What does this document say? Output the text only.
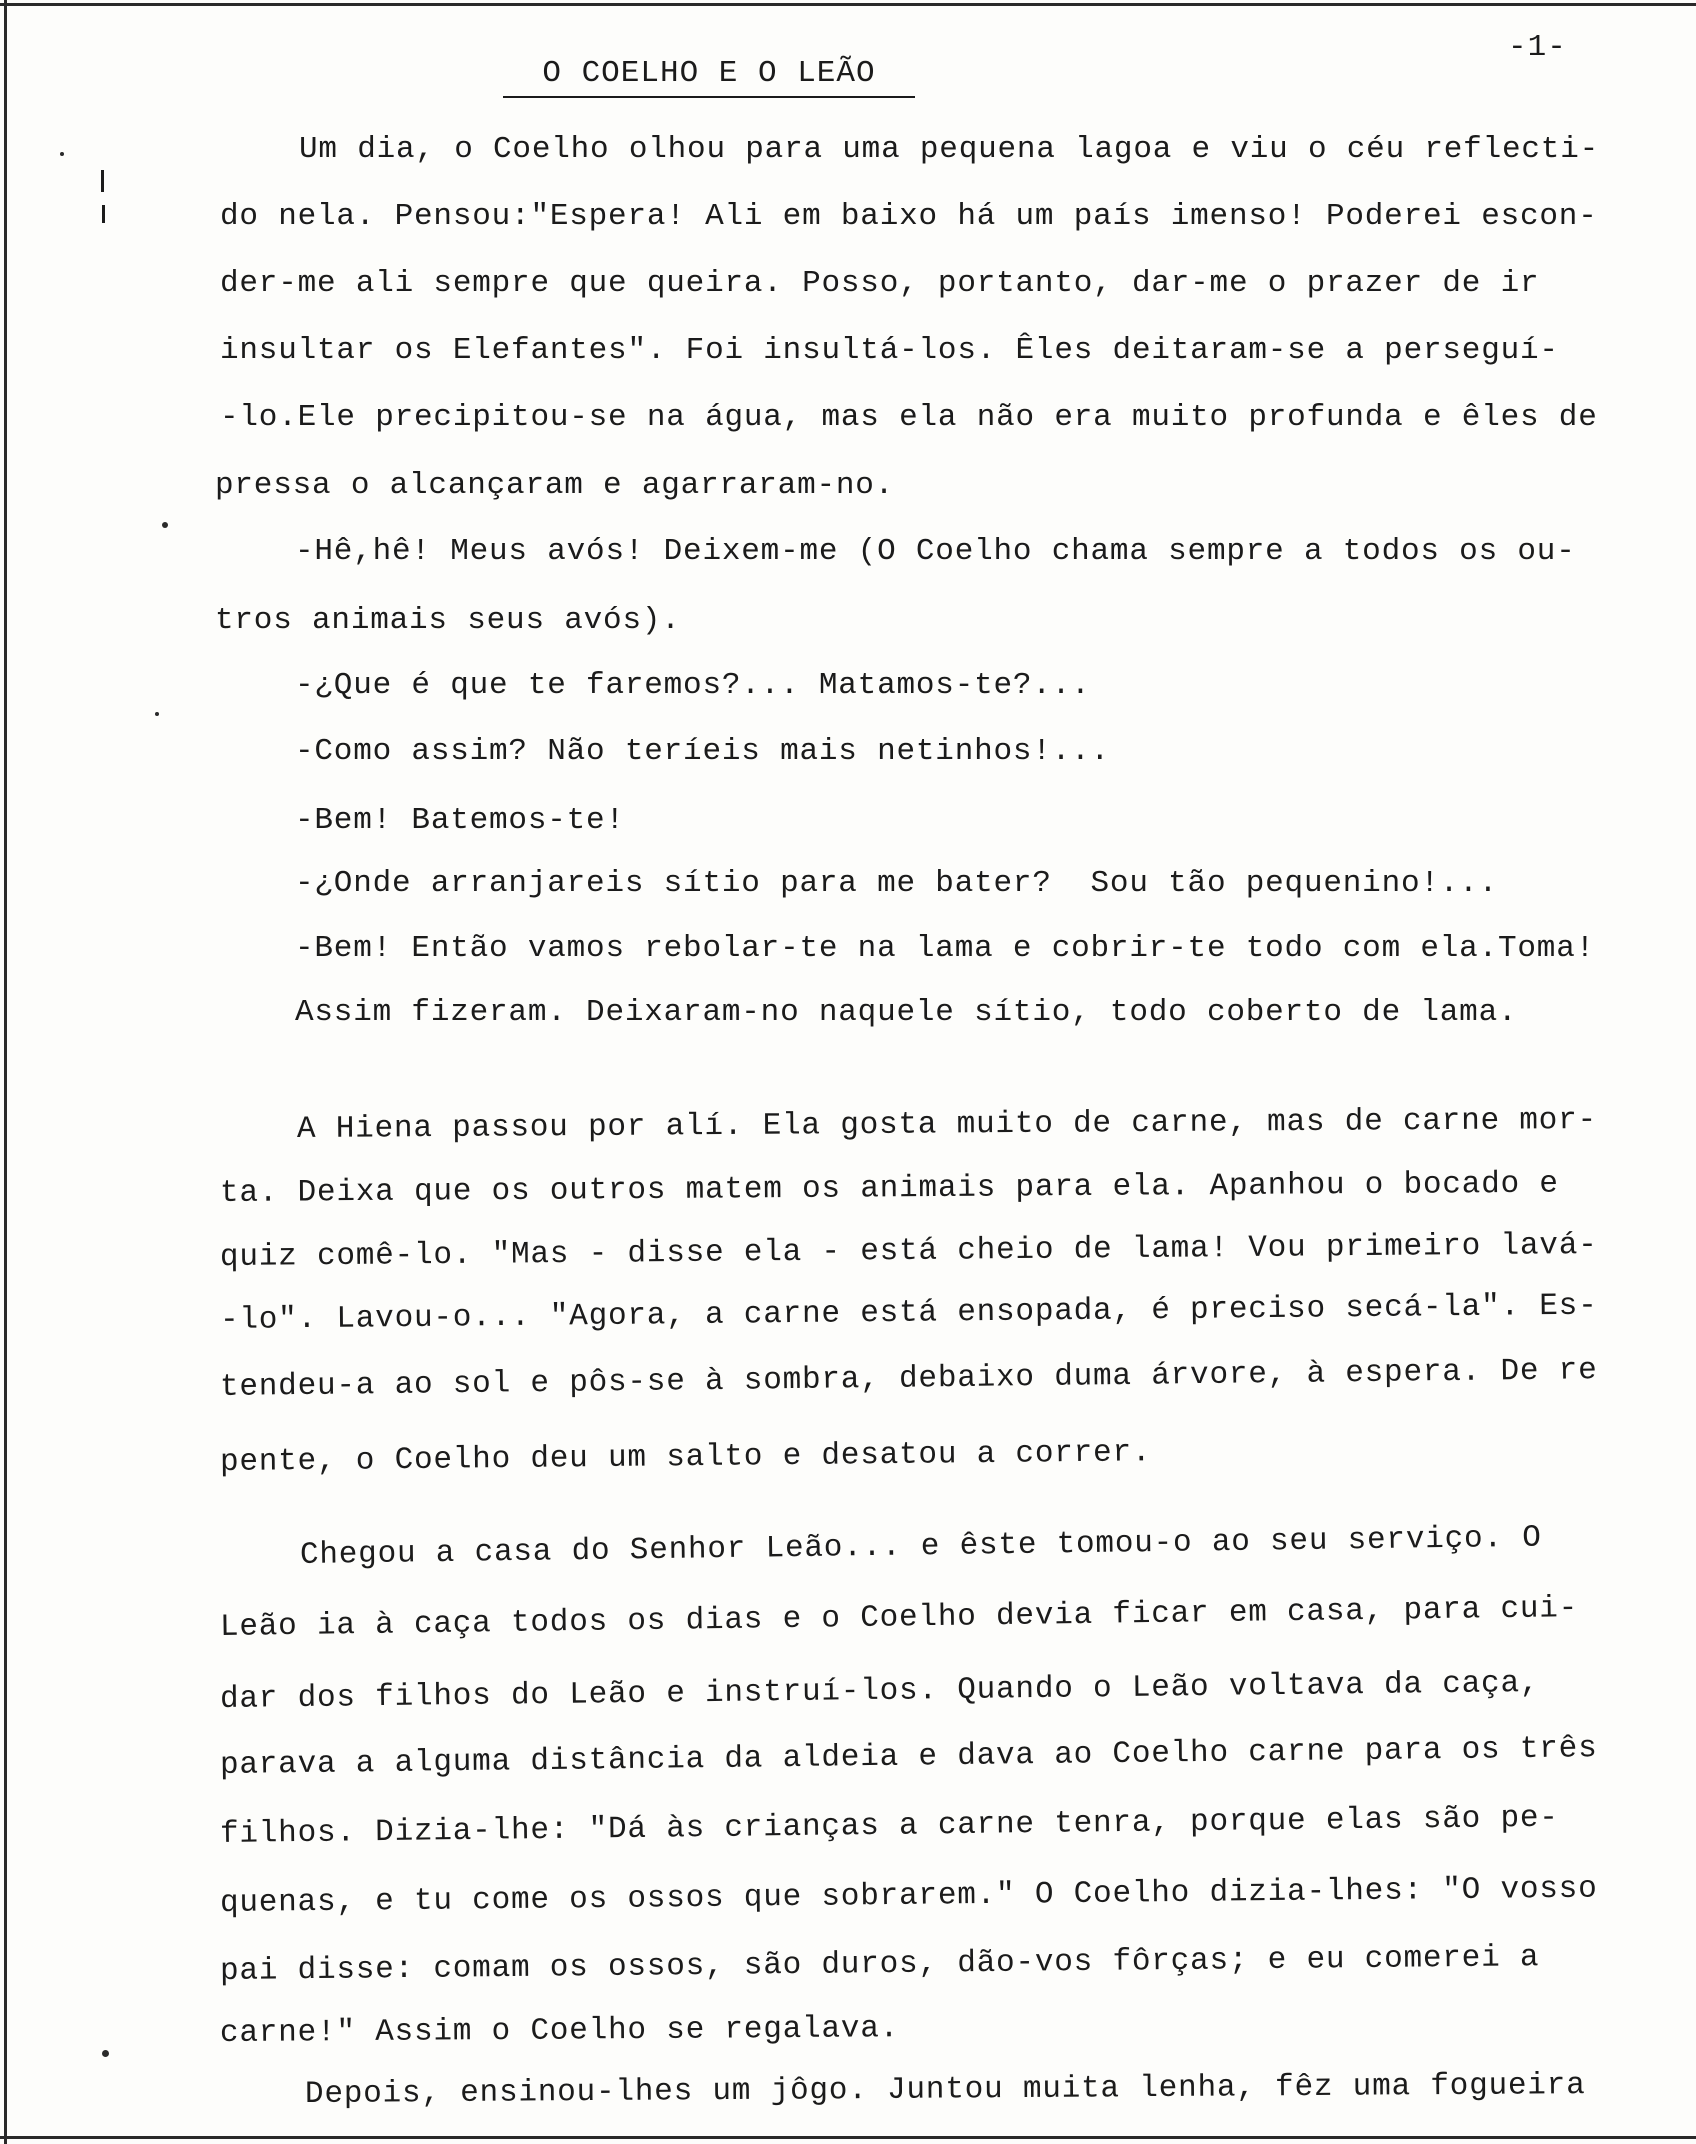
-1-
O COELHO E O LEÃO
Um dia, o Coelho olhou para uma pequena lagoa e viu o céu reflecti-
do nela. Pensou:"Espera! Ali em baixo há um país imenso! Poderei escon-
der-me ali sempre que queira. Posso, portanto, dar-me o prazer de ir
insultar os Elefantes". Foi insultá-los. Êles deitaram-se a perseguí-
-lo.Ele precipitou-se na água, mas ela não era muito profunda e êles de
pressa o alcançaram e agarraram-no.
-Hê,hê! Meus avós! Deixem-me (O Coelho chama sempre a todos os ou-
tros animais seus avós).
-¿Que é que te faremos?... Matamos-te?...
-Como assim? Não teríeis mais netinhos!...
-Bem! Batemos-te!
-¿Onde arranjareis sítio para me bater?  Sou tão pequenino!...
-Bem! Então vamos rebolar-te na lama e cobrir-te todo com ela.Toma!
Assim fizeram. Deixaram-no naquele sítio, todo coberto de lama.
A Hiena passou por alí. Ela gosta muito de carne, mas de carne mor-
ta. Deixa que os outros matem os animais para ela. Apanhou o bocado e
quiz comê-lo. "Mas - disse ela - está cheio de lama! Vou primeiro lavá-
-lo". Lavou-o... "Agora, a carne está ensopada, é preciso secá-la". Es-
tendeu-a ao sol e pôs-se à sombra, debaixo duma árvore, à espera. De re
pente, o Coelho deu um salto e desatou a correr.
Chegou a casa do Senhor Leão... e êste tomou-o ao seu serviço. O
Leão ia à caça todos os dias e o Coelho devia ficar em casa, para cui-
dar dos filhos do Leão e instruí-los. Quando o Leão voltava da caça,
parava a alguma distância da aldeia e dava ao Coelho carne para os três
filhos. Dizia-lhe: "Dá às crianças a carne tenra, porque elas são pe-
quenas, e tu come os ossos que sobrarem." O Coelho dizia-lhes: "O vosso
pai disse: comam os ossos, são duros, dão-vos fôrças; e eu comerei a
carne!" Assim o Coelho se regalava.
Depois, ensinou-lhes um jôgo. Juntou muita lenha, fêz uma fogueira
